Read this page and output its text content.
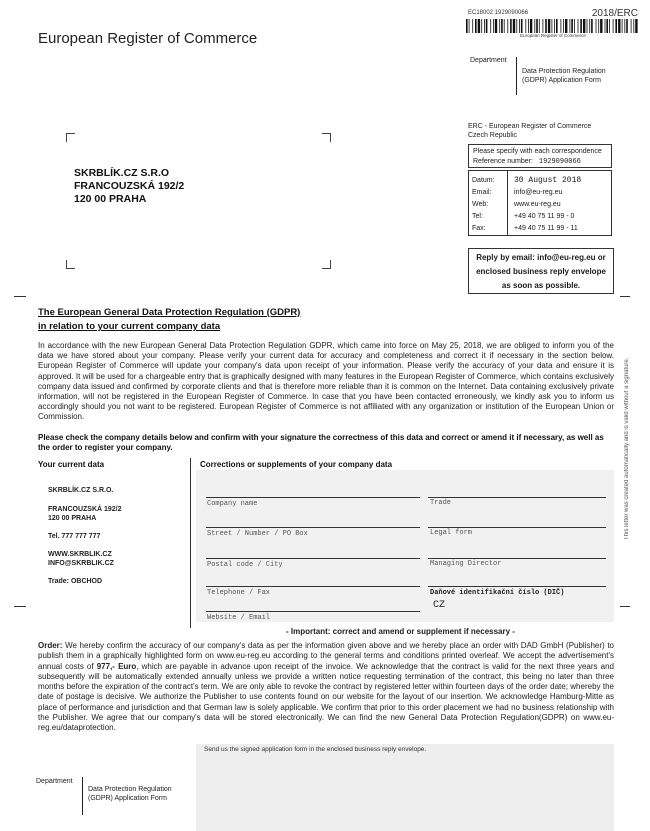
European Register of Commerce
EC18002 1929090066	2018/ERC
European Register of Commerce
Department
Data Protection Regulation
(GDPR) Application Form
SKRBLÍK.CZ S.R.O
FRANCOUZSKÁ 192/2
120 00 PRAHA
ERC - European Register of Commerce
Czech Republic
Please specify with each correspondence
Reference number: 1929090066
Datum:	30 August 2018
Email:	info@eu-reg.eu
Web:	www.eu-reg.eu
Tel:	+49 40 75 11 99 - 0
Fax:	+49 40 75 11 99 - 11
Reply by email: info@eu-reg.eu or
enclosed business reply envelope
as soon as possible.
This letter was created automatically and is valid without a signature.
The European General Data Protection Regulation (GDPR)
in relation to your current company data
In accordance with the new European General Data Protection Regulation GDPR, which came into force on May 25, 2018, we are obliged to inform you of the data we have stored about your company. Please verify your current data for accuracy and completeness and correct it if necessary in the section below. European Register of Commerce will update your company's data upon receipt of your information. Please verify the accuracy of your data and ensure it is approved. It will be used for a chargeable entry that is graphically designed with many features in the European Register of Commerce, which contains exclusively company data issued and confirmed by corporate clients and that is therefore more reliable than it is common on the Internet. Data containing exclusively private information, will not be registered in the European Register of Commerce. In case that you have been contacted erroneously, we kindly ask you to inform us accordingly should you not want to be registered. European Register of Commerce is not affiliated with any organization or institution of the European Union or Commission.
Please check the company details below and confirm with your signature the correctness of this data and correct or amend it if necessary, as well as the order to register your company.
Your current data	Corrections or supplements of your company data
SKRBLÍK.CZ S.R.O.
FRANCOUZSKÁ 192/2
120 00 PRAHA
Tel. 777 777 777
WWW.SKRBLIK.CZ
INFO@SKRBLIK.CZ
Trade: OBCHOD
Company name	Trade
Street / Number / PO Box	Legal form
Postal code / City	Managing Director
Telephone / Fax	Daňové identifikační číslo (DIČ)
CZ
Website / Email
- Important: correct and amend or supplement if necessary -
Order: We hereby confirm the accuracy of our company's data as per the information given above and we hereby place an order with DAD GmbH (Publisher) to publish them in a graphically highlighted form on www.eu-reg.eu according to the general terms and conditions printed overleaf. We accept the advertisement's annual costs of 977,- Euro, which are payable in advance upon receipt of the invoice. We acknowledge that the contract is valid for the next three years and subsequently will be automatically extended annually unless we provide a written notice requesting termination of the contract, this being no later than three months before the expiration of the contract's term. We are only able to revoke the contract by registered letter within fourteen days of the order date; whereby the date of postage is decisive. We authorize the Publisher to use contents found on our website for the layout of our insertion. We acknowledge Hamburg-Mitte as place of performance and jurisdiction and that German law is solely applicable. We confirm that prior to this order placement we had no business relationship with the Publisher. We agree that our company's data will be stored electronically. We can find the new General Data Protection Regulation(GDPR) on www.eu-reg.eu/dataprotection.
Send us the signed application form in the enclosed business reply envelope.
Department
Data Protection Regulation
(GDPR) Application Form
